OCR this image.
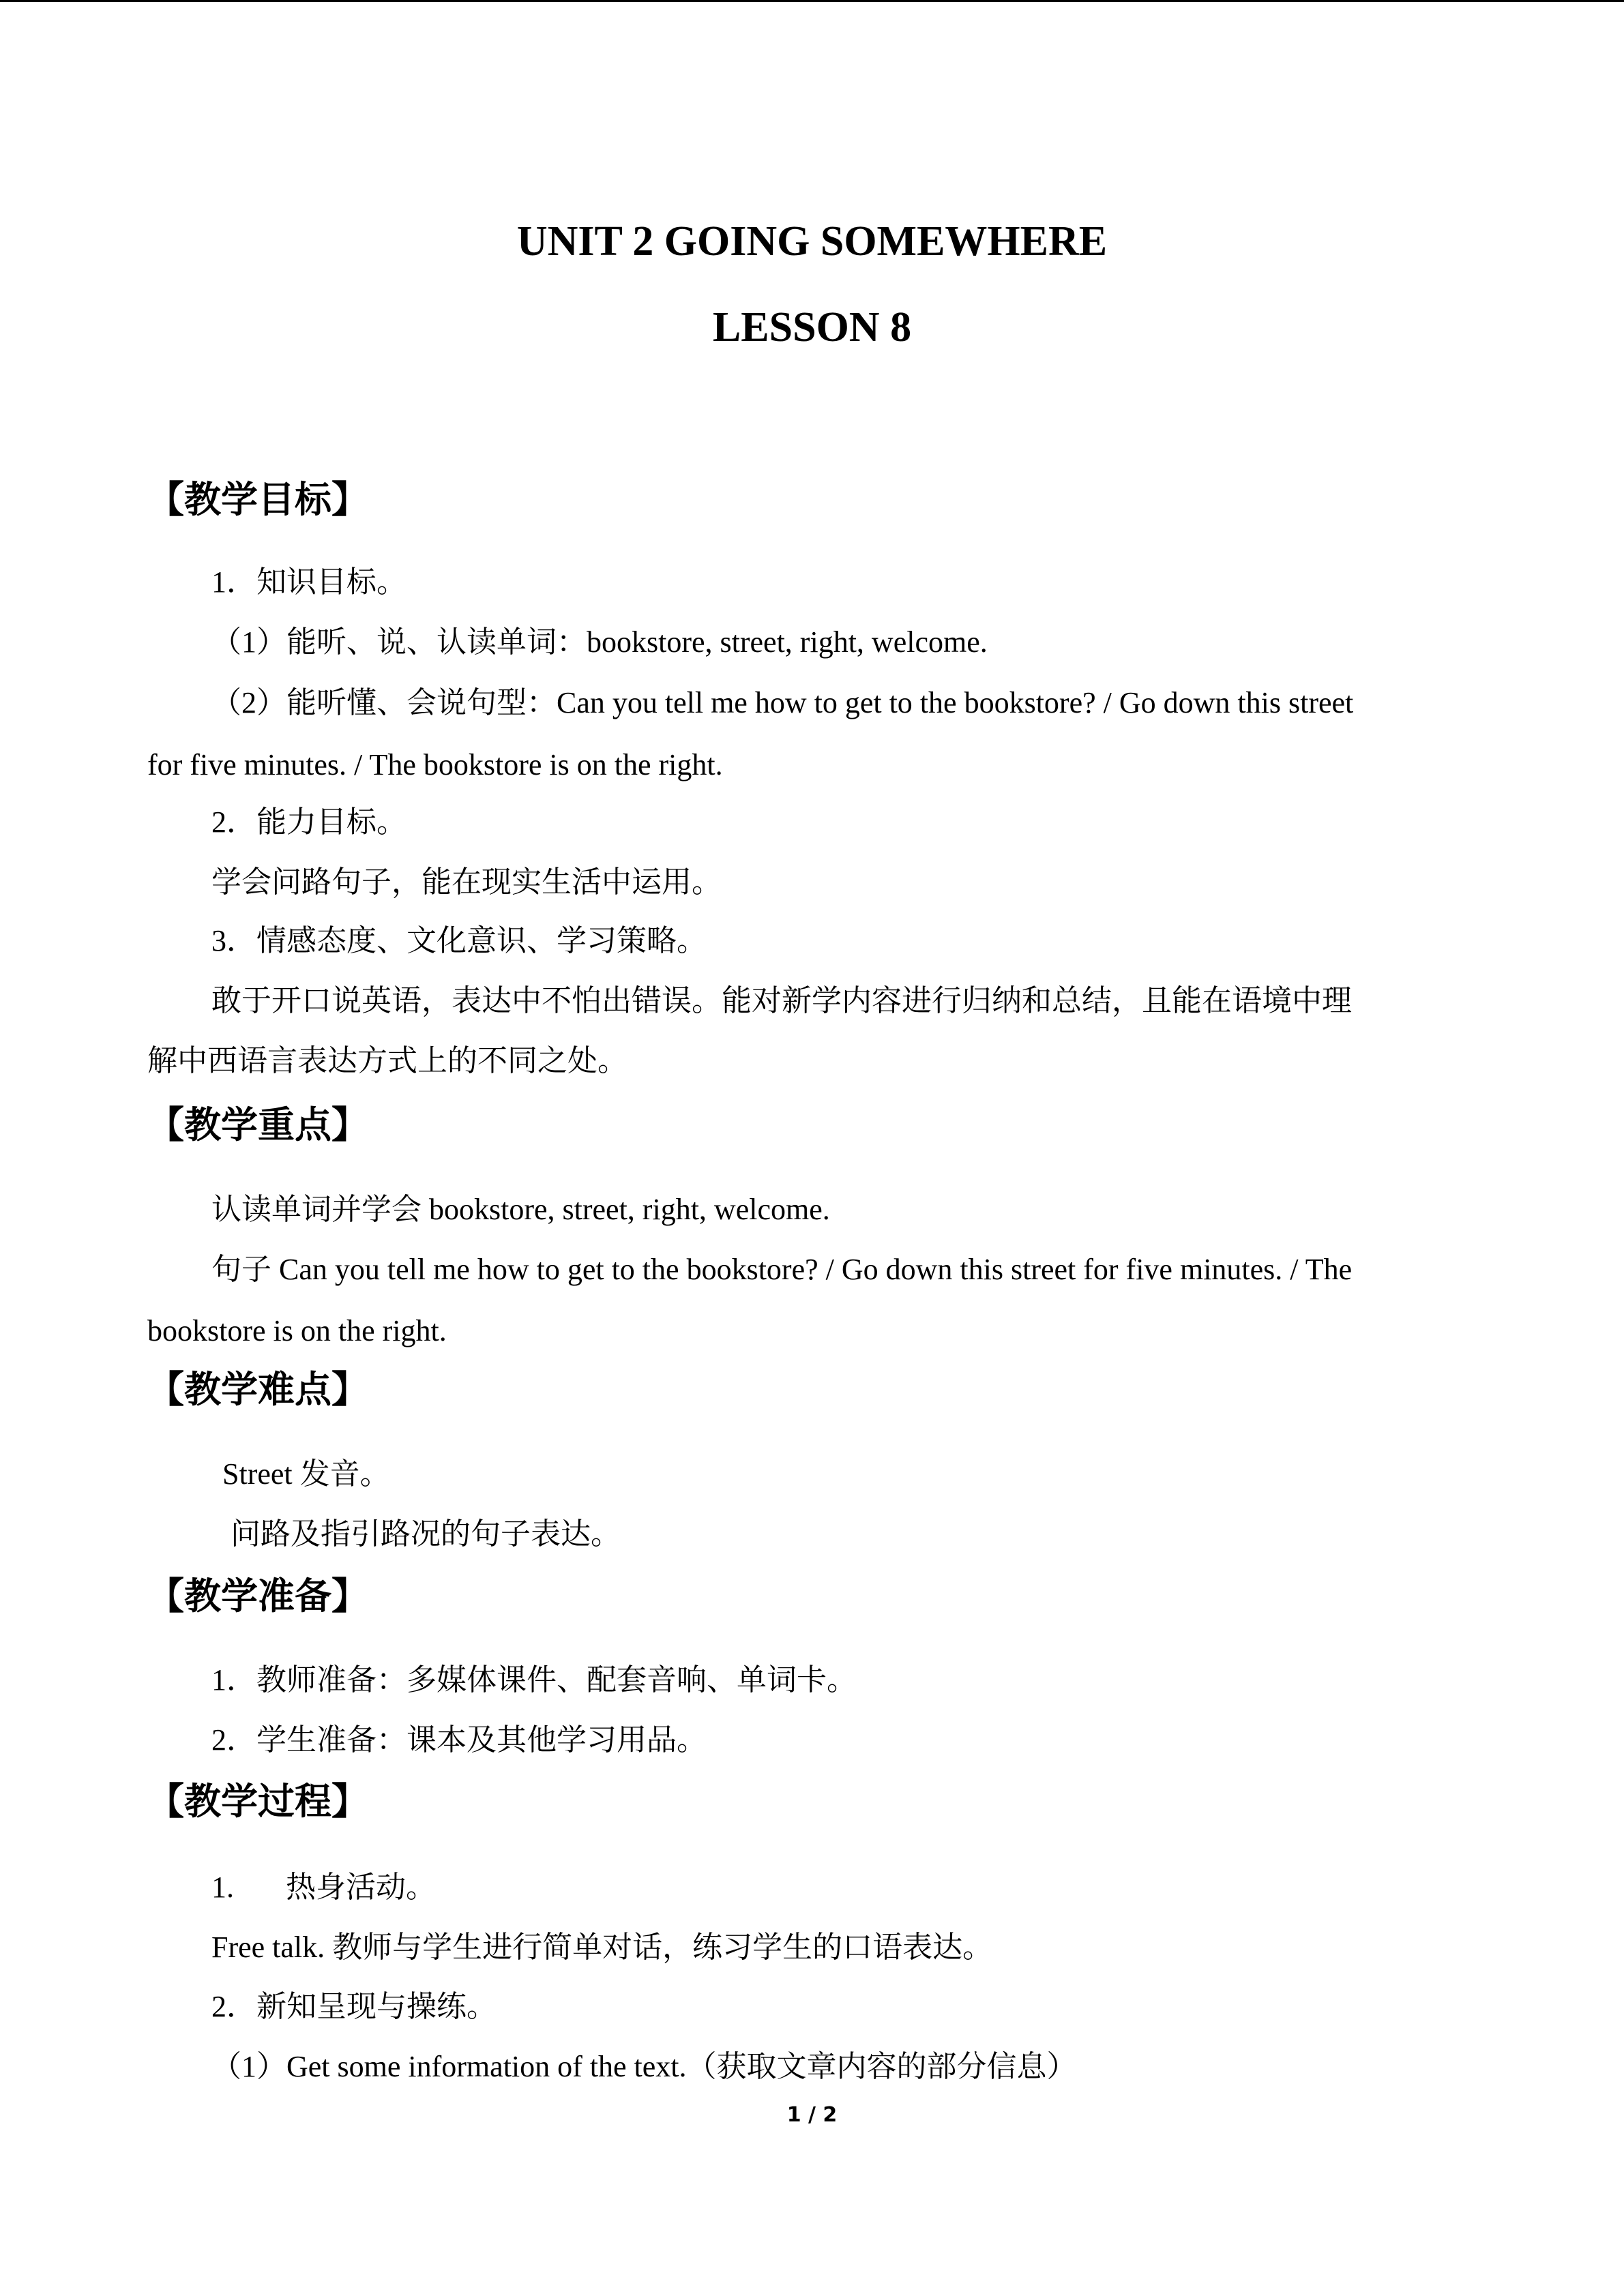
UNIT 2 GOING SOMEWHERE
LESSON 8
【教学目标】
1．知识目标。
（1）能听、说、认读单词：bookstore, street, right, welcome.
（2）能听懂、会说句型：Can you tell me how to get to the bookstore? / Go down this street
for five minutes. / The bookstore is on the right.
2．能力目标。
学会问路句子，能在现实生活中运用。
3．情感态度、文化意识、学习策略。
敢于开口说英语，表达中不怕出错误。能对新学内容进行归纳和总结，且能在语境中理
解中西语言表达方式上的不同之处。
【教学重点】
认读单词并学会 bookstore, street, right, welcome.
句子 Can you tell me how to get to the bookstore? / Go down this street for five minutes. / The
bookstore is on the right.
【教学难点】
Street 发音。
问路及指引路况的句子表达。
【教学准备】
1．教师准备：多媒体课件、配套音响、单词卡。
2．学生准备：课本及其他学习用品。
【教学过程】
1. 热身活动。
Free talk. 教师与学生进行简单对话，练习学生的口语表达。
2．新知呈现与操练。
（1）Get some information of the text.（获取文章内容的部分信息）
1 / 2
